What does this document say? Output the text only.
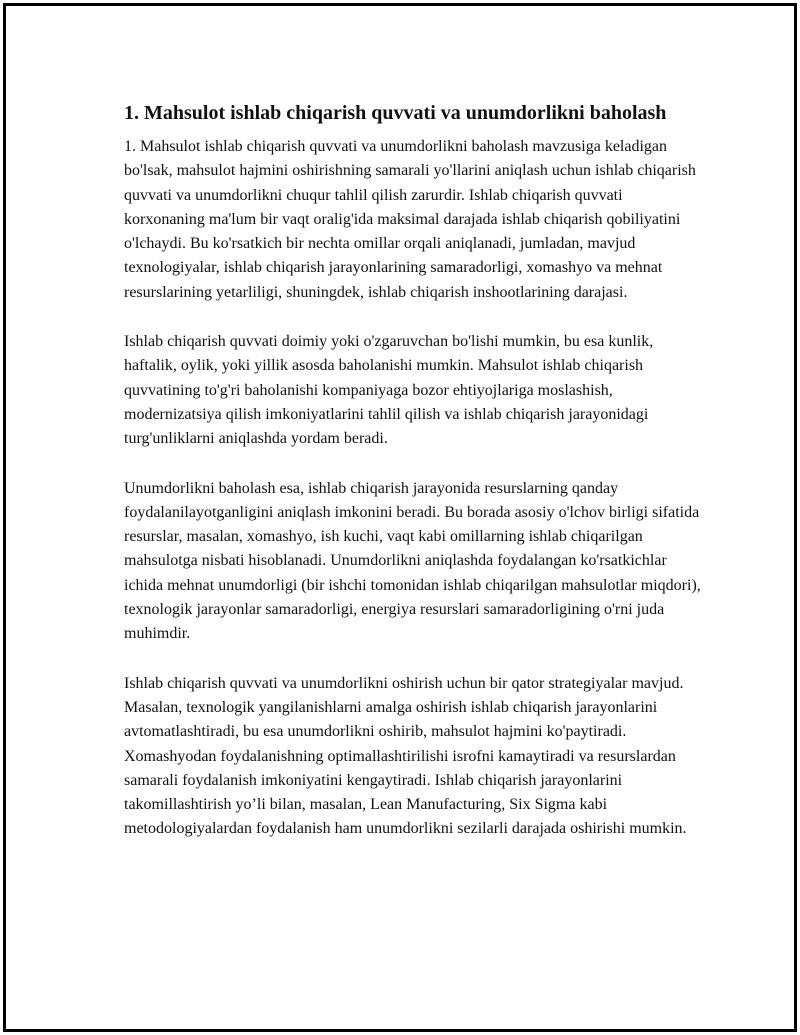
1. Mahsulot ishlab chiqarish quvvati va unumdorlikni baholash

1. Mahsulot ishlab chiqarish quvvati va unumdorlikni baholash mavzusiga keladigan bo'lsak, mahsulot hajmini oshirishning samarali yo'llarini aniqlash uchun ishlab chiqarish quvvati va unumdorlikni chuqur tahlil qilish zarurdir. Ishlab chiqarish quvvati korxonaning ma'lum bir vaqt oralig'ida maksimal darajada ishlab chiqarish qobiliyatini o'lchaydi. Bu ko'rsatkich bir nechta omillar orqali aniqlanadi, jumladan, mavjud texnologiyalar, ishlab chiqarish jarayonlarining samaradorligi, xomashyo va mehnat resurslarining yetarliligi, shuningdek, ishlab chiqarish inshootlarining darajasi.

Ishlab chiqarish quvvati doimiy yoki o'zgaruvchan bo'lishi mumkin, bu esa kunlik, haftalik, oylik, yoki yillik asosda baholanishi mumkin. Mahsulot ishlab chiqarish quvvatining to'g'ri baholanishi kompaniyaga bozor ehtiyojlariga moslashish, modernizatsiya qilish imkoniyatlarini tahlil qilish va ishlab chiqarish jarayonidagi turg'unliklarni aniqlashda yordam beradi.

Unumdorlikni baholash esa, ishlab chiqarish jarayonida resurslarning qanday foydalanilayotganligini aniqlash imkonini beradi. Bu borada asosiy o'lchov birligi sifatida resurslar, masalan, xomashyo, ish kuchi, vaqt kabi omillarning ishlab chiqarilgan mahsulotga nisbati hisoblanadi. Unumdorlikni aniqlashda foydalangan ko'rsatkichlar ichida mehnat unumdorligi (bir ishchi tomonidan ishlab chiqarilgan mahsulotlar miqdori), texnologik jarayonlar samaradorligi, energiya resurslari samaradorligining o'rni juda muhimdir.

Ishlab chiqarish quvvati va unumdorlikni oshirish uchun bir qator strategiyalar mavjud. Masalan, texnologik yangilanishlarni amalga oshirish ishlab chiqarish jarayonlarini avtomatlashtiradi, bu esa unumdorlikni oshirib, mahsulot hajmini ko'paytiradi. Xomashyodan foydalanishning optimallashtirilishi isrofni kamaytiradi va resurslardan samarali foydalanish imkoniyatini kengaytiradi. Ishlab chiqarish jarayonlarini takomillashtirish yo’li bilan, masalan, Lean Manufacturing, Six Sigma kabi metodologiyalardan foydalanish ham unumdorlikni sezilarli darajada oshirishi mumkin.
